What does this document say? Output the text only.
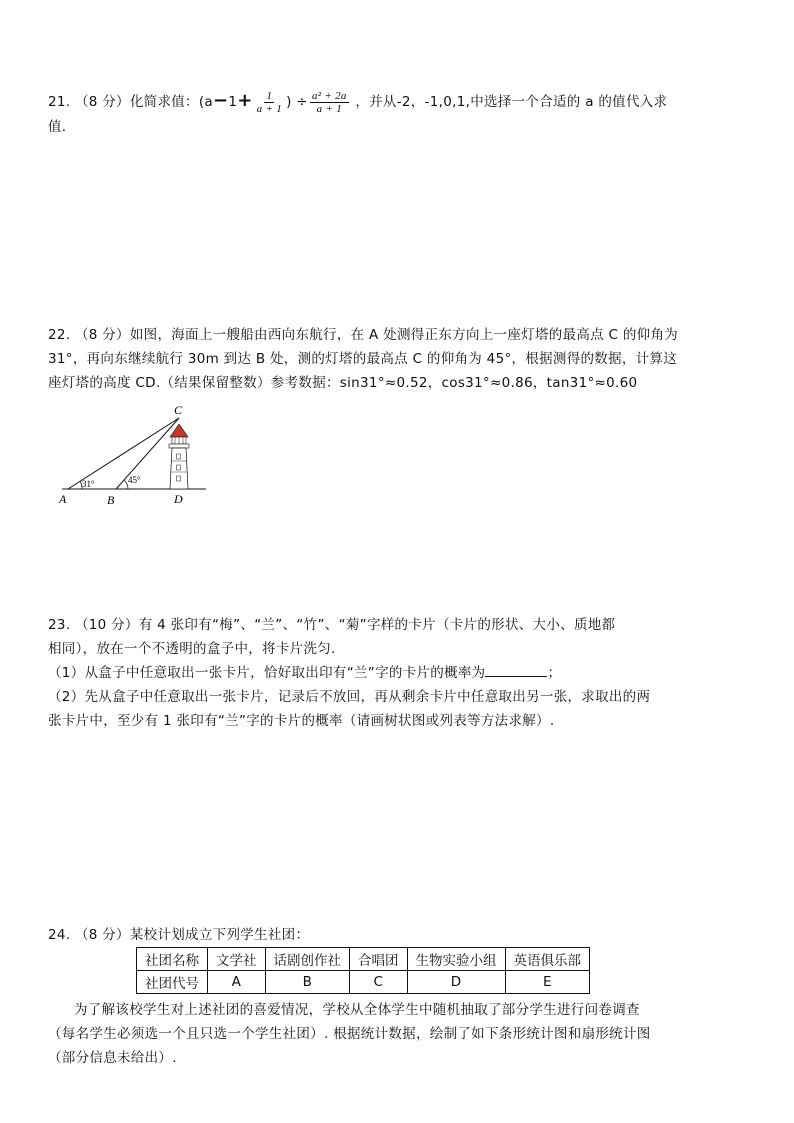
21. （8 分）化简求值：($a-1+ \frac{1}{a + 1}$ ) ÷ $\frac{\text{a² + 2a}}{a + 1}$ ，并从-2，-1,0,1,中选择一个合适的 a 的值代入求

值.

22. （8 分）如图，海面上一艘船由西向东航行，在 A 处测得正东方向上一座灯塔的最高点 C 的仰角为

31°，再向东继续航行 30m 到达 B 处，测的灯塔的最高点 C 的仰角为 45°，根据测得的数据，计算这

座灯塔的高度 CD.（结果保留整数）参考数据：sin31°≈0.52，cos31°≈0.86，tan31°≈0.60

C
A	B	D
31°	45°

23. （10 分）有 4 张印有“梅”、“兰”、“竹”、“菊”字样的卡片（卡片的形状、大小、质地都

相同），放在一个不透明的盒子中，将卡片洗匀.

（1）从盒子中任意取出一张卡片，恰好取出印有“兰”字的卡片的概率为	；

（2）先从盒子中任意取出一张卡片，记录后不放回，再从剩余卡片中任意取出另一张，求取出的两

张卡片中，至少有 1 张印有“兰”字的卡片的概率（请画树状图或列表等方法求解）.

24. （8 分）某校计划成立下列学生社团：

社团名称	文学社	话剧创作社	合唱团	生物实验小组	英语俱乐部
社团代号	A	B	C	D	E

为了解该校学生对上述社团的喜爱情况，学校从全体学生中随机抽取了部分学生进行问卷调查

（每名学生必须选一个且只选一个学生社团）. 根据统计数据，绘制了如下条形统计图和扇形统计图

（部分信息未给出）.
